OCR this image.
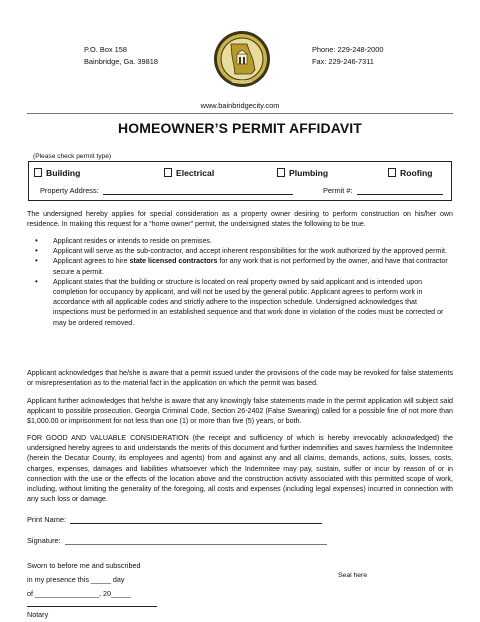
P.O. Box 158
Bainbridge, Ga. 39818
Phone: 229-248-2000
Fax: 229-246-7311
GEORGIA
www.bainbridgecity.com
HOMEOWNER’S PERMIT AFFIDAVIT
(Please check permit type)
Building	Electrical	Plumbing	Roofing
Property Address:	Permit #:
The undersigned hereby applies for special consideration as a property owner desiring to perform construction on his/her own residence. In making this request for a “home owner” permit, the undersigned states the following to be true.
• Applicant resides or intends to reside on premises.
• Applicant will serve as the sub-contractor, and accept inherent responsibilities for the work authorized by the approved permit.
• Applicant agrees to hire state licensed contractors for any work that is not performed by the owner, and have that contractor secure a permit.
• Applicant states that the building or structure is located on real property owned by said applicant and is intended upon completion for occupancy by applicant, and will not be used by the general public. Applicant agrees to perform work in accordance with all applicable codes and strictly adhere to the inspection schedule. Undersigned acknowledges that inspections must be performed in an established sequence and that work done in violation of the codes must be corrected or may be ordered removed.
Applicant acknowledges that he/she is aware that a permit issued under the provisions of the code may be revoked for false statements or misrepresentation as to the material fact in the application on which the permit was based.
Applicant further acknowledges that he/she is aware that any knowingly false statements made in the permit application will subject said applicant to possible prosecution. Georgia Criminal Code, Section 26-2402 (False Swearing) called for a possible fine of not more than $1,000.00 or imprisonment for not less than one (1) or more than five (5) years, or both.
FOR GOOD AND VALUABLE CONSIDERATION (the receipt and sufficiency of which is hereby irrevocably acknowledged) the undersigned hereby agrees to and understands the merits of this document and further indemnifies and saves harmless the Indemnitee (herein the Decatur County, its employees and agents) from and against any and all claims, demands, actions, suits, losses, costs, charges, expenses, damages and liabilities whatsoever which the Indemnitee may pay, sustain, suffer or incur by reason of or in connection with the use or the effects of the location above and the construction activity associated with this permitted scope of work, including, without limiting the generality of the foregoing, all costs and expenses (including legal expenses) incurred in connection with any such loss or damage.
Print Name:
Signature:
Sworn to before me and subscribed
in my presence this _____ day
of ________________, 20_____
Seal here
Notary
